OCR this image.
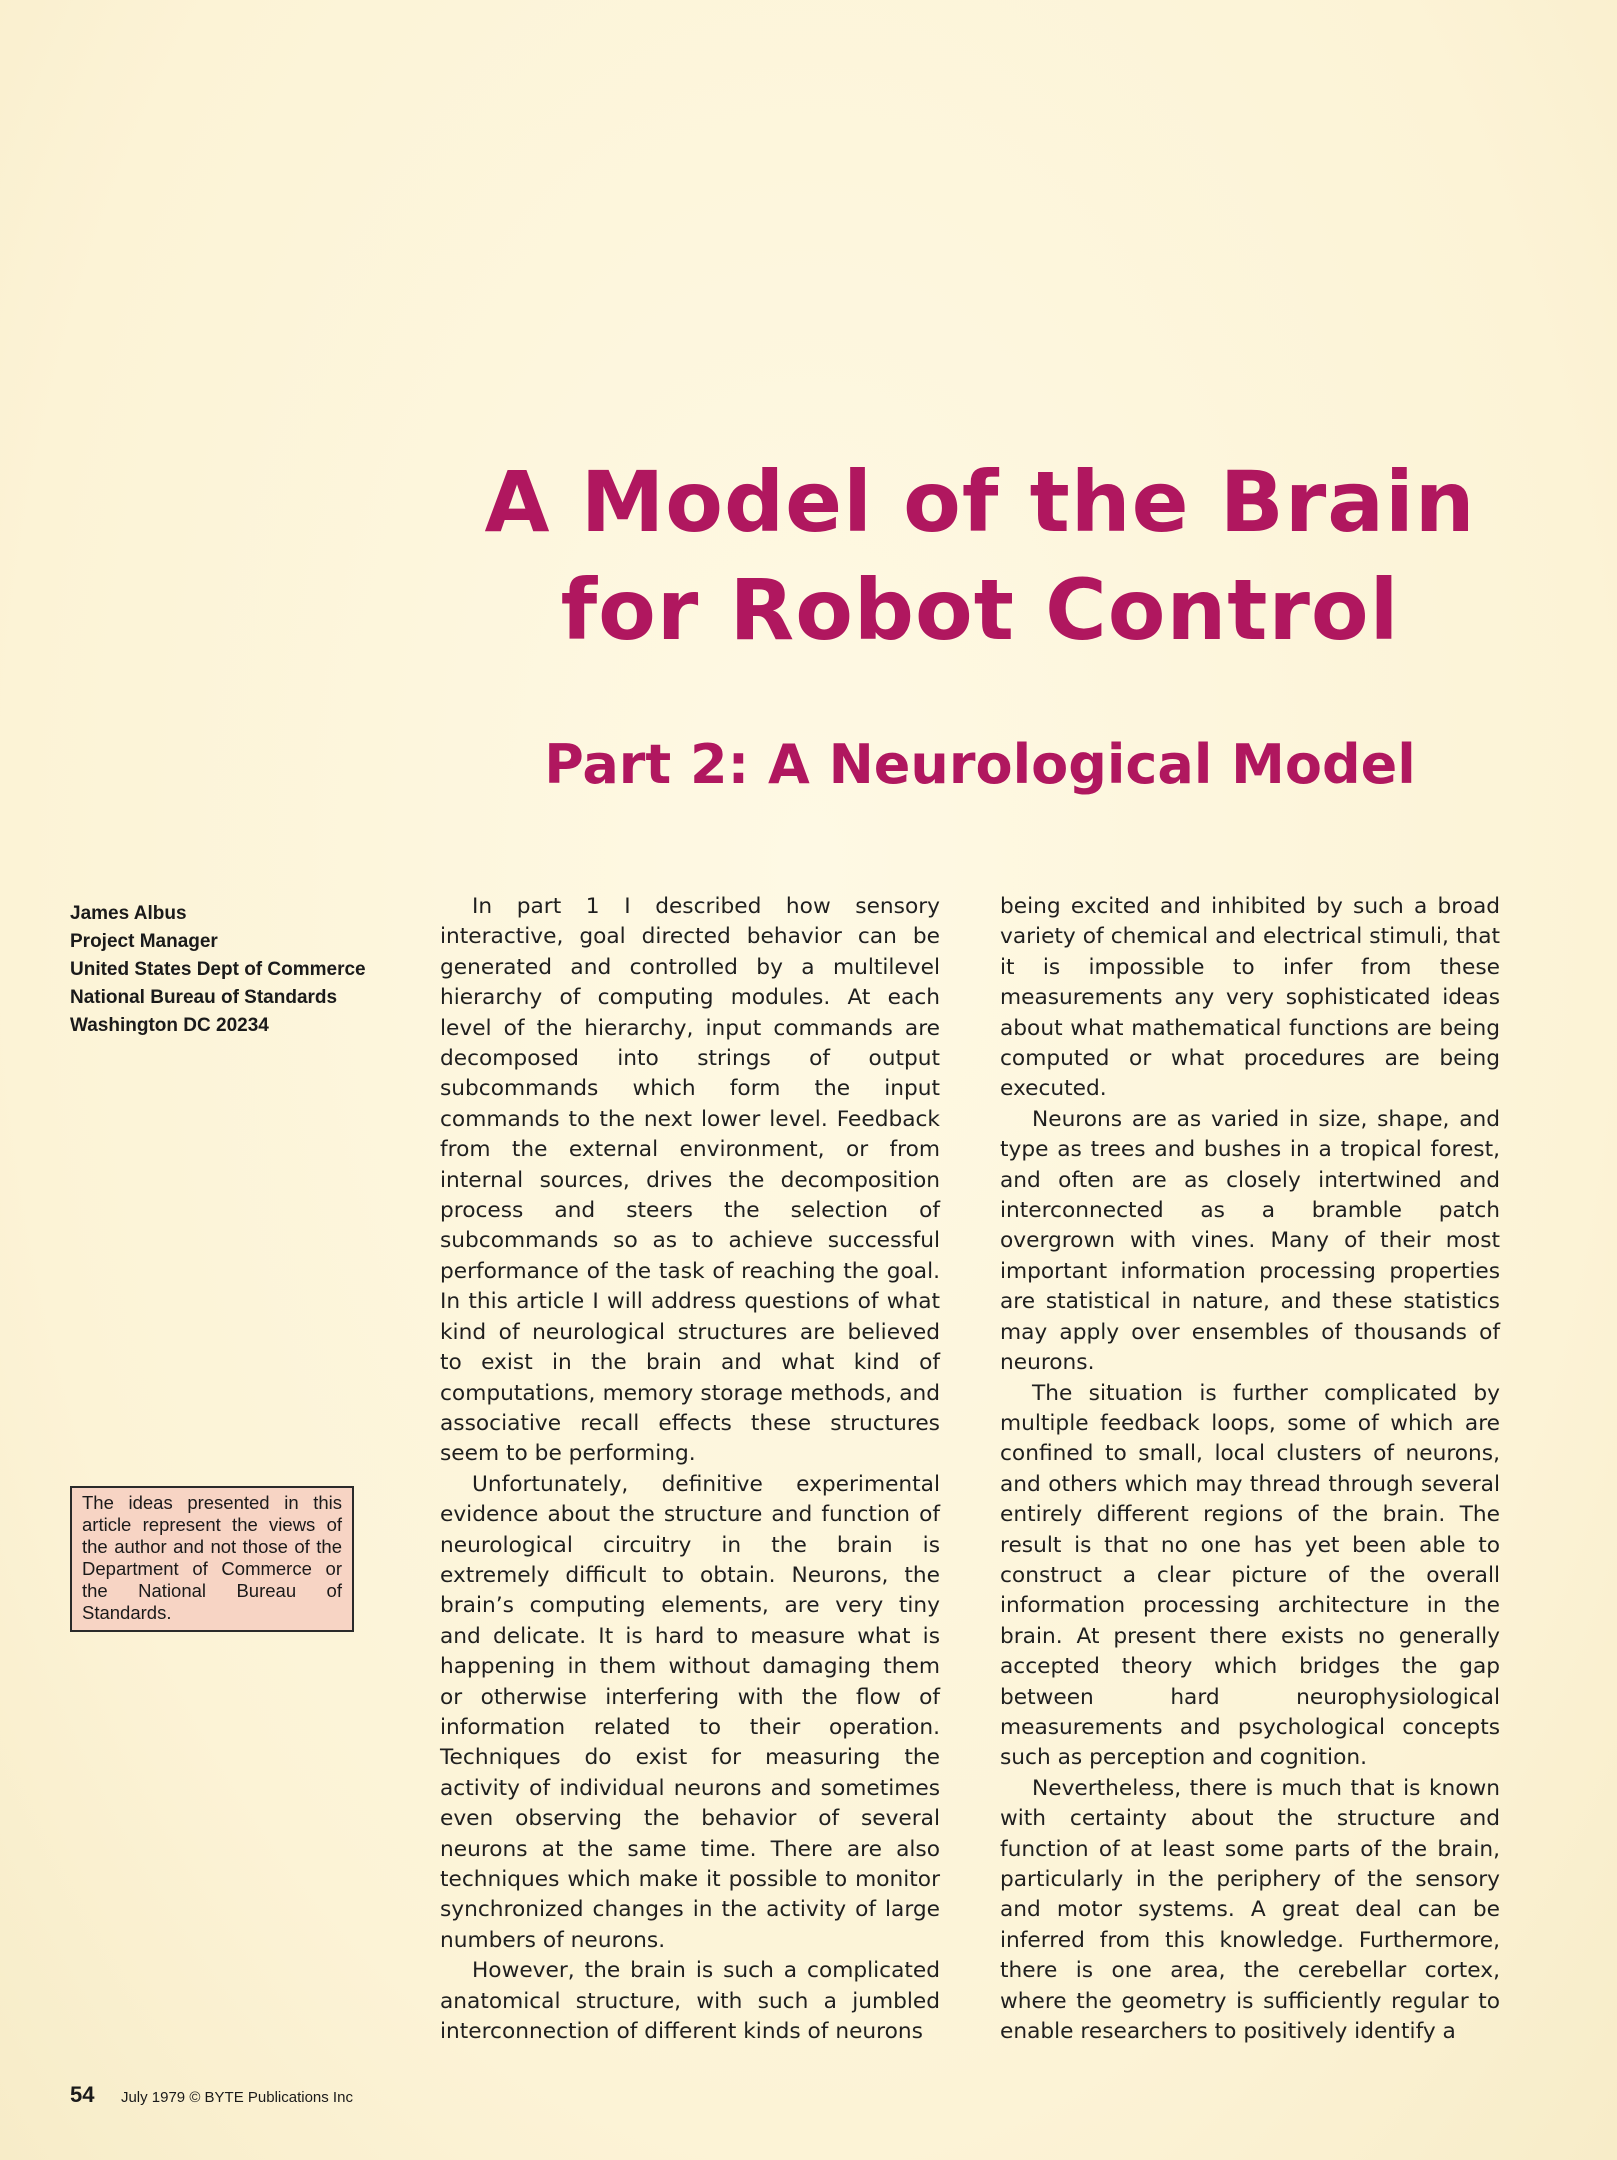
A Model of the Brain
for Robot Control
Part 2: A Neurological Model
James Albus
Project Manager
United States Dept of Commerce
National Bureau of Standards
Washington DC 20234
The ideas presented in this article represent the views of the author and not those of the Department of Commerce or the National Bureau of Standards.

In part 1 I described how sensory interactive, goal directed behavior can be generated and controlled by a multilevel hierarchy of computing modules. At each level of the hierarchy, input commands are decomposed into strings of output subcommands which form the input commands to the next lower level. Feedback from the external environment, or from internal sources, drives the decomposition process and steers the selection of subcommands so as to achieve successful performance of the task of reaching the goal. In this article I will address questions of what kind of neurological structures are believed to exist in the brain and what kind of computations, memory storage methods, and associative recall effects these structures seem to be performing.

Unfortunately, definitive experimental evidence about the structure and function of neurological circuitry in the brain is extremely difficult to obtain. Neurons, the brain’s computing elements, are very tiny and delicate. It is hard to measure what is happening in them without damaging them or otherwise interfering with the flow of information related to their operation. Techniques do exist for measuring the activity of individual neurons and sometimes even observing the behavior of several neurons at the same time. There are also techniques which make it possible to monitor synchronized changes in the activity of large numbers of neurons.

However, the brain is such a complicated anatomical structure, with such a jumbled interconnection of different kinds of neurons

being excited and inhibited by such a broad variety of chemical and electrical stimuli, that it is impossible to infer from these measurements any very sophisticated ideas about what mathematical functions are being computed or what procedures are being executed.

Neurons are as varied in size, shape, and type as trees and bushes in a tropical forest, and often are as closely intertwined and interconnected as a bramble patch overgrown with vines. Many of their most important information processing properties are statistical in nature, and these statistics may apply over ensembles of thousands of neurons.

The situation is further complicated by multiple feedback loops, some of which are confined to small, local clusters of neurons, and others which may thread through several entirely different regions of the brain. The result is that no one has yet been able to construct a clear picture of the overall information processing architecture in the brain. At present there exists no generally accepted theory which bridges the gap between hard neurophysiological measurements and psychological concepts such as perception and cognition.

Nevertheless, there is much that is known with certainty about the structure and function of at least some parts of the brain, particularly in the periphery of the sensory and motor systems. A great deal can be inferred from this knowledge. Furthermore, there is one area, the cerebellar cortex, where the geometry is sufficiently regular to enable researchers to positively identify a

54 July 1979 © BYTE Publications Inc
